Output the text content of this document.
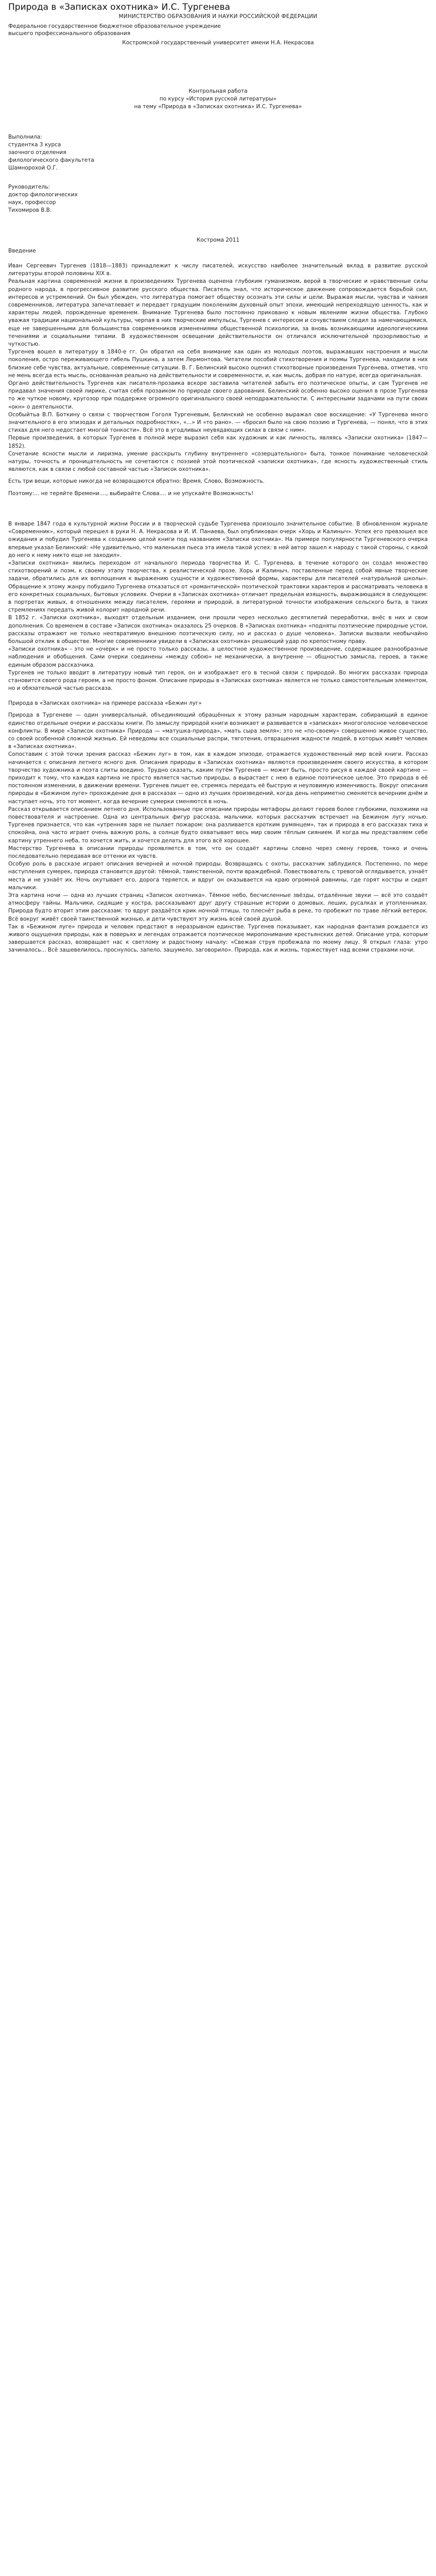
Природа в «Записках охотника» И.С. Тургенева

МИНИСТЕРСТВО ОБРАЗОВАНИЯ И НАУКИ РОССИЙСКОЙ ФЕДЕРАЦИИ

Федеральное государственное бюджетное образовательное учреждение

высшего профессионального образования

Костромской государственный университет имени Н.А. Некрасова

Контрольная работа

по курсу «История русской литературы»

на тему «Природа в «Записках охотника» И.С. Тургенева»

Выполнила:

студентка 3 курса

заочного отделения

филологического факультета

Шамнорохой О.Г.

Руководитель:

доктор филологических

наук, профессор

Тихомиров В.В.

Кострома 2011

Введение

Иван Сергеевич Тургенев (1818—1883) принадлежит к числу писателей, искусство наиболее значительный вклад в развитие русской литературы второй половины XIX в.

Реальная картина современной жизни в произведениях Тургенева оценена глубоким гуманизмом, верой в творческие и нравственные силы родного народа, в прогрессивное развитие русского общества. Писатель знал, что историческое движение сопровождается борьбой сил, интересов и устремлений. Он был убежден, что литература помогает обществу осознать эти силы и цели. Выражая мысли, чувства и чаяния современников, литература запечатлевает и передает грядущим поколениям духовный опыт эпохи, имеющий непреходящую ценность, как и характеры людей, порожденные временем. Внимание Тургенева было постоянно приковано к новым явлениям жизни общества. Глубоко уважая традиции национальной культуры, черпая в них творческие импульсы, Тургенев с интересом и сочувствием следил за намечающимися, еще не завершенными для большинства современников изменениями общественной психологии, за вновь возникающими идеологическими течениями и социальными типами. В художественном освещении действительности он отличался исключительной прозорливостью и чуткостью.

Тургенев вошел в литературу в 1840-е гг. Он обратил на себя внимание как один из молодых поэтов, выражавших настроения и мысли поколения, остро переживающего гибель Пушкина, а затем Лермонтова. Читатели пособий стихотворения и поэмы Тургенева, находили в них близкие себе чувства, актуальные, современные ситуации. В. Г. Белинский высоко оценил стихотворные произведения Тургенева, отметив, что не мень всегда есть мысль, основанная реально на действительности и современности, и, как мысль, добрая по натуре, всегда оригинальная.

Органо действительность Тургенев как писателя-прозаика вскоре заставила читателей забыть его поэтическое опыты, и сам Тургенев не придавал значения своей лирике, считая себя прозаиком по природе своего дарования. Белинский особенно высоко оценил в прозе Тургенева то же чуткое новому, кругозор при поддержке огромного оригинального своей неподражательности. С интересными задачами на пути своих «окн» о деятельности.

Особыйтьа В.П. Боткину о связи с творчеством Гоголя Тургеневым, Белинский не особенно выражал свое восхищение: «У Тургенева много значительного в его эпизодах и детальных подробностях», «...» И «то рано». — «бросил было на свою поэзию и Тургенева, — понял, что в этих стихах для него недостает многой тонкости». Всё это в угодливых неувядающих силах в связи с ним».

Первые произведения, в которых Тургенев в полной мере выразил себя как художник и как личность, являясь «Записки охотника» (1847—1852).

Сочетание ясности мысли и лиризма, умение расскрыть глубину внутреннего «созерцательного» быта, тонкое понимание человеческой натуры, точность и проницательность не сочетаются с поэзией этой поэтической «записки охотника», где ясность художественный стиль являются, как в связи с любой составной частью «Записок охотника».

Есть три вещи, которые никогда не возвращаются обратно: Время, Слово, Возможность.

Поэтому:... не теряйте Времени...., выбирайте Слова.... и не упускайте Возможность!

В январе 1847 года в культурной жизни России и в творческой судьбе Тургенева произошло значительное событие. В обновленном журнале «Современник», который перешел в руки Н. А. Некрасова и И. И. Панаева, был опубликован очерк «Хорь и Калиныч». Успех его превзошел все ожидания и побудил Тургенева к созданию целой книги под названием «Записки охотника». На примере популярности Тургеневского очерка впервые указал Белинский: «Не удивительно, что маленькая пьеса эта имела такой успех: в ней автор зашел к народу с такой стороны, с какой до него к нему никто еще не заходил».

«Записки охотника» явились переходом от начального периода творчества И. С. Тургенева, в течение которого он создал множество стихотворений и поэм, к своему этапу творчества, к реалистической прозе. Хорь и Калиныч, поставленные перед собой явные творческие задачи, обратились для их воплощения к выражению сущности и художественной формы, характеры для писателей «натуральной школы». Обращение к этому жанру побудило Тургенева отказаться от «романтической» поэтической трактовки характеров и рассматривать человека в его конкретных социальных, бытовых условиях. Очерки в «Записках охотника» отличает предельная изящность, выражающаяся в следующем: в портретах живых, в отношениях между писателем, героями и природой, в литературной точности изображения сельского быта, в таких стремлениях передать живой колорит народной речи.

В 1852 г. «Записки охотника», выходят отдельным изданием, они прошли через несколько десятилетий переработки, внёс в них и свои дополнения. Со временем в составе «Записок охотника» оказалось 25 очерков. В «Записках охотника» «подняты поэтические природные устои, рассказы отражают не только неотвратимую внешнюю поэтическую силу, но и рассказ о душе человека». Записки вызвали необычайно большой отклик в обществе. Многие современники увидели в «Записках охотника» решающий удар по крепостному праву.

«Записки охотника» - это не «очерк» и не просто только рассказы, а целостное художественное произведение, содержащее разнообразные наблюдения и обобщения. Сами очерки соединены «между собою» не механически, а внутренне — общностью замысла, героев, а также единым образом рассказчика.

Тургенев не только вводит в литературу новый тип героя, он и изображает его в тесной связи с природой. Во многих рассказах природа становится своего рода героем, а не просто фоном. Описание природы в «Записках охотника» является не только самостоятельным элементом, но и обязательной частью рассказа.

Природа в «Записках охотника» на примере рассказа «Бежин луг»

Природа в Тургеневе — один универсальный, объединяющий обращённых к этому разным народным характерам, собирающий в единое единство отдельные очерки и рассказы книги. По замыслу природой книги возникает и развивается в «записках» многоголосное человеческое конфликты. В мире «Записок охотника» Природа — «матушка-природа», «мать сыра земля»; это не «по-своему» совершенно живое существо, со своей особенной сложной жизнью. Ей неведомы все социальные распри, тяготения, отвращения жадности людей, в которых живёт человек в «Записках охотника».

Сопоставим с этой точки зрения рассказ «Бежин луг» в том, как в каждом эпизоде, отражается художественный мир всей книги. Рассказ начинается с описания летнего ясного дня. Описания природы в «Записках охотника» являются произведением своего искусства, в котором творчество художника и поэта слиты воедино. Трудно сказать, каким путём Тургенев — может быть, просто рисуя в каждой своей картине — приходит к тому, что каждая картина не просто является частью природы, а вырастает с нею в единое поэтическое целое. Это природа в её постоянном изменении, в движении времени. Тургенев пишет ее, стремясь передать её быструю и неуловимую изменчивость. Вокруг описания природы в «Бежином луге» прохождение дня в рассказах — одно из лучших произведений, когда день неприметно сменяется вечерним днём и наступает ночь, это тот момент, когда вечерние сумерки сменяются в ночь.

Рассказ открывается описанием летнего дня. Использованные при описании природы метафоры делают героев более глубокими, похожими на повествователя и настроение. Одна из центральных фигур рассказа, мальчики, которых рассказчик встречает на Бежином лугу ночью. Тургенев признается, что как «утренняя заря не пылает пожаром: она разливается кротким румянцем», так и природа в его рассказах тиха и спокойна, она часто играет очень важную роль, а солнце будто охватывает весь мир своим тёплым сиянием. И когда мы представляем себе картину утреннего неба, то хочется жить, и хочется делать для этого всё хорошее.

Мастерство Тургенева в описании природы проявляется в том, что он создаёт картины словно через смену героев, тонко и очень последовательно передавая все оттенки их чувств.

Особую роль в рассказе играют описания вечерней и ночной природы. Возвращаясь с охоты, рассказчик заблудился. Постепенно, по мере наступления сумерек, природа становится другой: тёмной, таинственной, почти враждебной. Повествователь с тревогой оглядывается, узнаёт места и не узнаёт их. Ночь окутывает его, дорога теряется, и вдруг он оказывается на краю огромной равнины, где горят костры и сидят мальчики.

Эта картина ночи — одна из лучших страниц «Записок охотника». Тёмное небо, бесчисленные звёзды, отдалённые звуки — всё это создаёт атмосферу тайны. Мальчики, сидящие у костра, рассказывают друг другу страшные истории о домовых, леших, русалках и утопленниках. Природа будто вторит этим рассказам: то вдруг раздаётся крик ночной птицы, то плеснёт рыба в реке, то пробежит по траве лёгкий ветерок. Всё вокруг живёт своей таинственной жизнью, и дети чувствуют эту жизнь всей своей душой.

Так в «Бежином луге» природа и человек предстают в неразрывном единстве. Тургенев показывает, как народная фантазия рождается из живого ощущения природы, как в поверьях и легендах отражается поэтическое миропонимание крестьянских детей. Описание утра, которым завершается рассказ, возвращает нас к светлому и радостному началу: «Свежая струя пробежала по моему лицу. Я открыл глаза: утро зачиналось... Всё зашевелилось, проснулось, запело, зашумело, заговорило». Природа, как и жизнь, торжествует над всеми страхами ночи.
